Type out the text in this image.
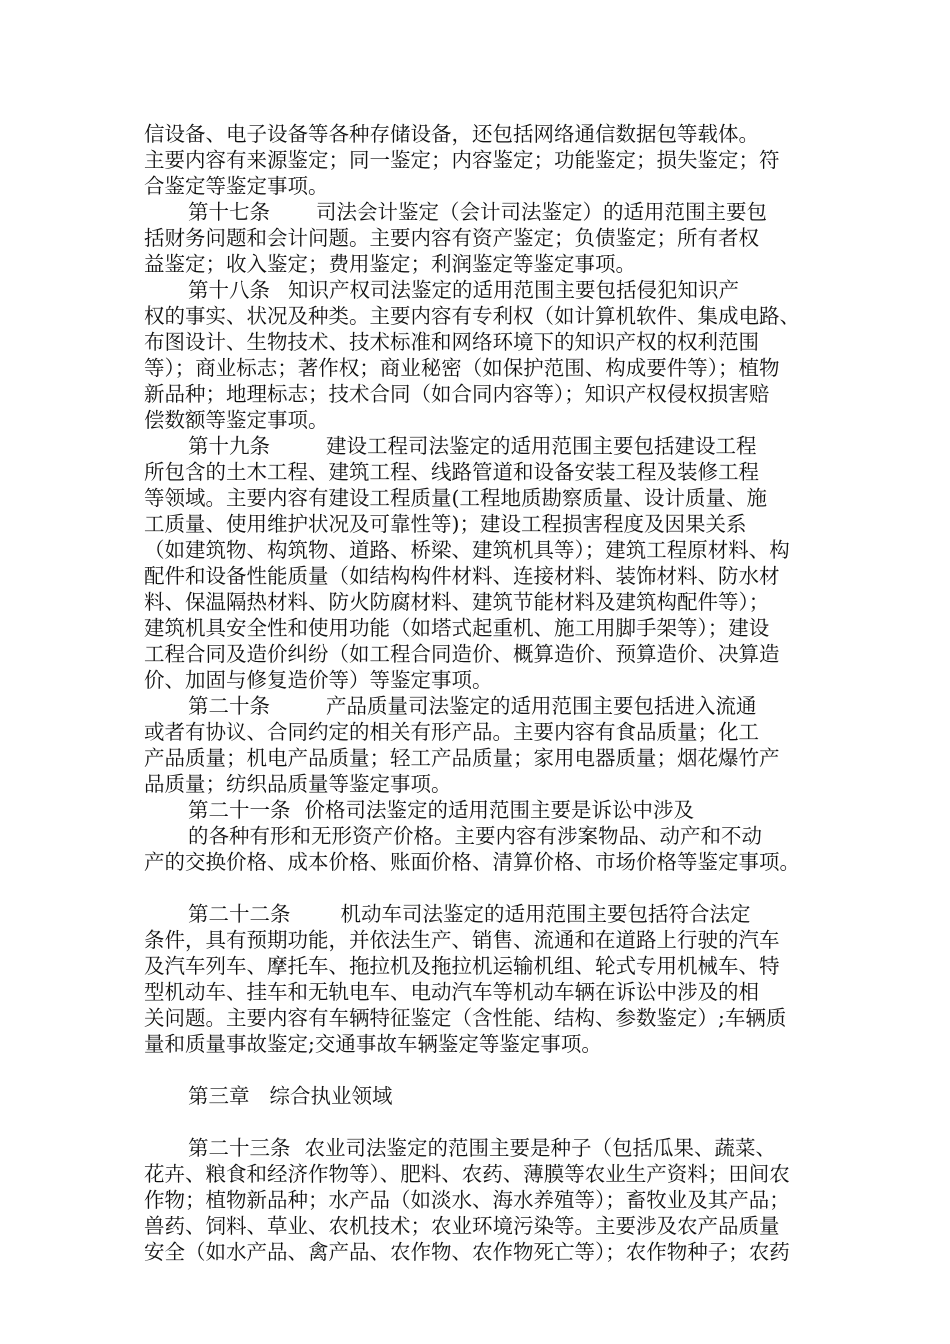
信设备、电子设备等各种存储设备，还包括网络通信数据包等载体。
主要内容有来源鉴定；同一鉴定；内容鉴定；功能鉴定；损失鉴定；符
合鉴定等鉴定事项。
第十七条 司法会计鉴定（会计司法鉴定）的适用范围主要包
括财务问题和会计问题。主要内容有资产鉴定；负债鉴定；所有者权
益鉴定；收入鉴定；费用鉴定；利润鉴定等鉴定事项。
第十八条 知识产权司法鉴定的适用范围主要包括侵犯知识产
权的事实、状况及种类。主要内容有专利权（如计算机软件、集成电路、
布图设计、生物技术、技术标准和网络环境下的知识产权的权利范围
等）；商业标志；著作权；商业秘密（如保护范围、构成要件等）；植物
新品种；地理标志；技术合同（如合同内容等）；知识产权侵权损害赔
偿数额等鉴定事项。
第十九条	建设工程司法鉴定的适用范围主要包括建设工程
所包含的土木工程、建筑工程、线路管道和设备安装工程及装修工程
等领域。主要内容有建设工程质量(工程地质勘察质量、设计质量、施
工质量、使用维护状况及可靠性等)；建设工程损害程度及因果关系
（如建筑物、构筑物、道路、桥梁、建筑机具等）；建筑工程原材料、构
配件和设备性能质量（如结构构件材料、连接材料、装饰材料、防水材
料、保温隔热材料、防火防腐材料、建筑节能材料及建筑构配件等）；
建筑机具安全性和使用功能（如塔式起重机、施工用脚手架等）；建设
工程合同及造价纠纷（如工程合同造价、概算造价、预算造价、决算造
价、加固与修复造价等）等鉴定事项。
第二十条	产品质量司法鉴定的适用范围主要包括进入流通
或者有协议、合同约定的相关有形产品。主要内容有食品质量；化工
产品质量；机电产品质量；轻工产品质量；家用电器质量；烟花爆竹产
品质量；纺织品质量等鉴定事项。
第二十一条 价格司法鉴定的适用范围主要是诉讼中涉及
的各种有形和无形资产价格。主要内容有涉案物品、动产和不动
产的交换价格、成本价格、账面价格、清算价格、市场价格等鉴定事项。
第二十二条 机动车司法鉴定的适用范围主要包括符合法定
条件，具有预期功能，并依法生产、销售、流通和在道路上行驶的汽车
及汽车列车、摩托车、拖拉机及拖拉机运输机组、轮式专用机械车、特
型机动车、挂车和无轨电车、电动汽车等机动车辆在诉讼中涉及的相
关问题。主要内容有车辆特征鉴定（含性能、结构、参数鉴定）;车辆质
量和质量事故鉴定;交通事故车辆鉴定等鉴定事项。
第三章 综合执业领域
第二十三条 农业司法鉴定的范围主要是种子（包括瓜果、蔬菜、
花卉、粮食和经济作物等）、肥料、农药、薄膜等农业生产资料；田间农
作物；植物新品种；水产品（如淡水、海水养殖等）；畜牧业及其产品；
兽药、饲料、草业、农机技术；农业环境污染等。主要涉及农产品质量
安全（如水产品、禽产品、农作物、农作物死亡等）；农作物种子；农药
